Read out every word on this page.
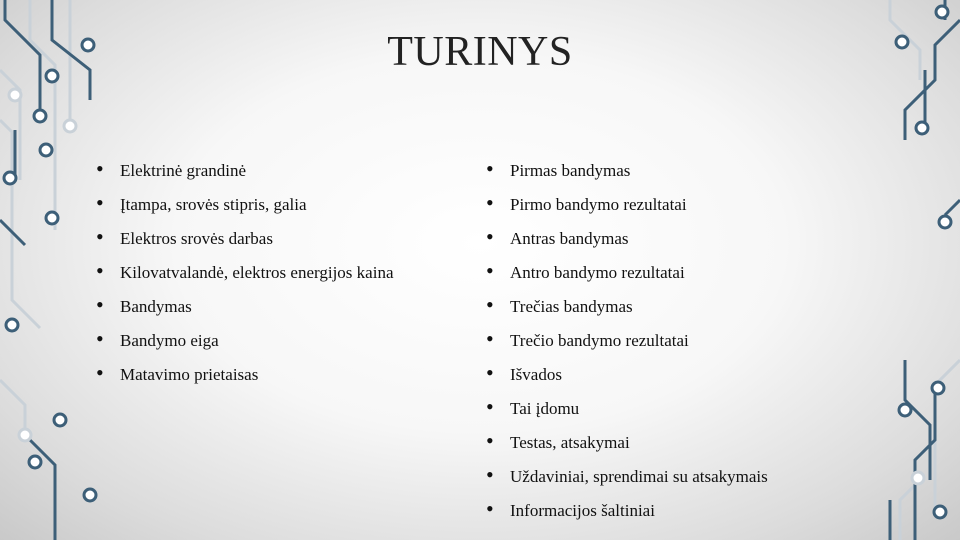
TURINYS
• Elektrinė grandinė
• Įtampa, srovės stipris, galia
• Elektros srovės darbas
• Kilovatvalandė, elektros energijos kaina
• Bandymas
• Bandymo eiga
• Matavimo prietaisas
• Pirmas bandymas
• Pirmo bandymo rezultatai
• Antras bandymas
• Antro bandymo rezultatai
• Trečias bandymas
• Trečio bandymo rezultatai
• Išvados
• Tai įdomu
• Testas, atsakymai
• Uždaviniai, sprendimai su atsakymais
• Informacijos šaltiniai
